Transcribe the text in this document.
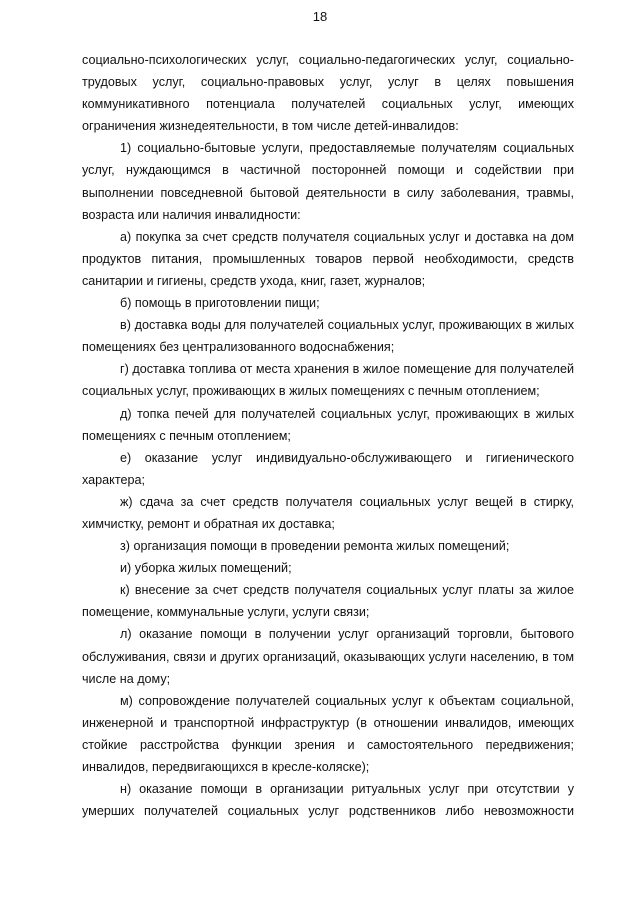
18

социально-психологических услуг, социально-педагогических услуг, социально-трудовых услуг, социально-правовых услуг, услуг в целях повышения коммуникативного потенциала получателей социальных услуг, имеющих ограничения жизнедеятельности, в том числе детей-инвалидов:

1) социально-бытовые услуги, предоставляемые получателям социальных услуг, нуждающимся в частичной посторонней помощи и содействии при выполнении повседневной бытовой деятельности в силу заболевания, травмы, возраста или наличия инвалидности:

а) покупка за счет средств получателя социальных услуг и доставка на дом продуктов питания, промышленных товаров первой необходимости, средств санитарии и гигиены, средств ухода, книг, газет, журналов;

б) помощь в приготовлении пищи;

в) доставка воды для получателей социальных услуг, проживающих в жилых помещениях без централизованного водоснабжения;

г) доставка топлива от места хранения в жилое помещение для получателей социальных услуг, проживающих в жилых помещениях с печным отоплением;

д) топка печей для получателей социальных услуг, проживающих в жилых помещениях с печным отоплением;

е) оказание услуг индивидуально-обслуживающего и гигиенического характера;

ж) сдача за счет средств получателя социальных услуг вещей в стирку, химчистку, ремонт и обратная их доставка;

з) организация помощи в проведении ремонта жилых помещений;

и) уборка жилых помещений;

к) внесение за счет средств получателя социальных услуг платы за жилое помещение, коммунальные услуги, услуги связи;

л) оказание помощи в получении услуг организаций торговли, бытового обслуживания, связи и других организаций, оказывающих услуги населению, в том числе на дому;

м) сопровождение получателей социальных услуг к объектам социальной, инженерной и транспортной инфраструктур (в отношении инвалидов, имеющих стойкие расстройства функции зрения и самостоятельного передвижения; инвалидов, передвигающихся в кресле-коляске);

н) оказание помощи в организации ритуальных услуг при отсутствии у умерших получателей социальных услуг родственников либо невозможности
